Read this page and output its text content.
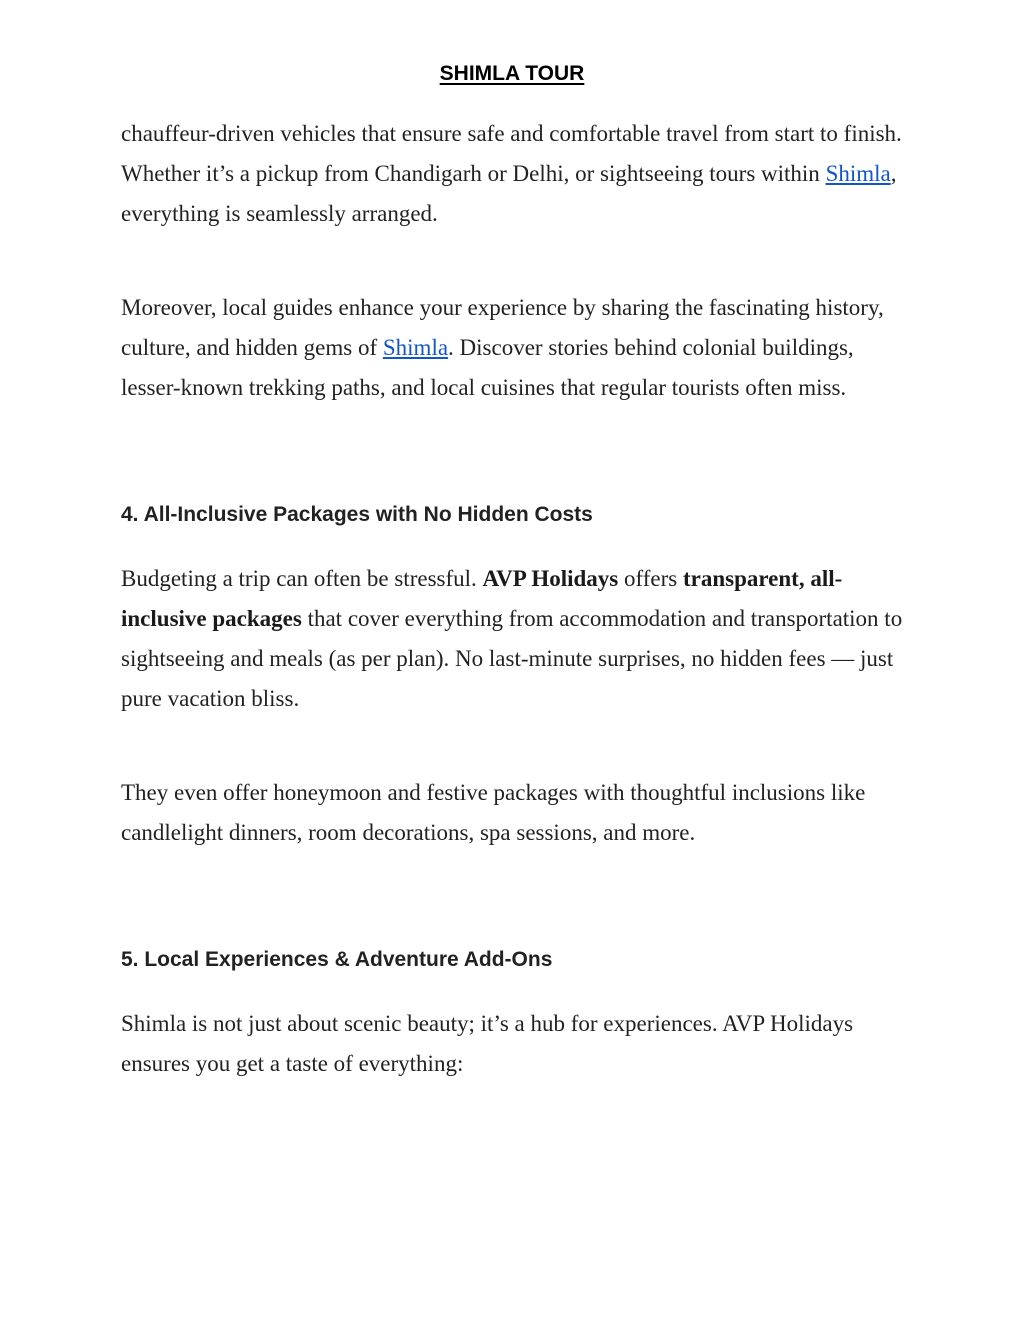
SHIMLA TOUR

chauffeur-driven vehicles that ensure safe and comfortable travel from start to finish. Whether it’s a pickup from Chandigarh or Delhi, or sightseeing tours within Shimla, everything is seamlessly arranged.

Moreover, local guides enhance your experience by sharing the fascinating history, culture, and hidden gems of Shimla. Discover stories behind colonial buildings, lesser-known trekking paths, and local cuisines that regular tourists often miss.

4. All-Inclusive Packages with No Hidden Costs

Budgeting a trip can often be stressful. AVP Holidays offers transparent, all-inclusive packages that cover everything from accommodation and transportation to sightseeing and meals (as per plan). No last-minute surprises, no hidden fees — just pure vacation bliss.

They even offer honeymoon and festive packages with thoughtful inclusions like candlelight dinners, room decorations, spa sessions, and more.

5. Local Experiences & Adventure Add-Ons

Shimla is not just about scenic beauty; it’s a hub for experiences. AVP Holidays ensures you get a taste of everything:
